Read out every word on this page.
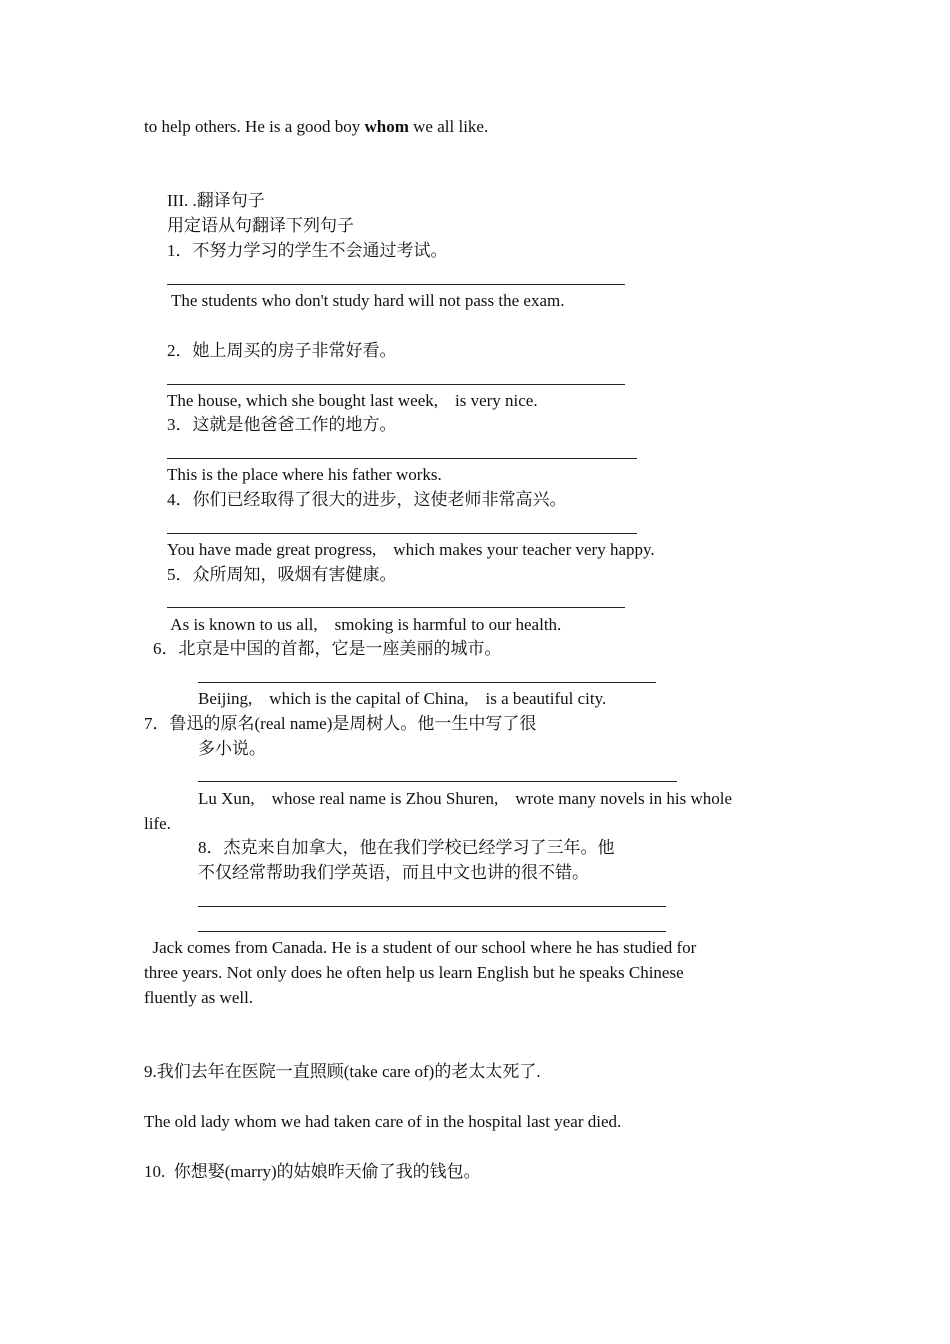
to help others. He is a good boy whom we all like.
III. .翻译句子
用定语从句翻译下列句子
1．不努力学习的学生不会通过考试。
The students who don't study hard will not pass the exam.
2．她上周买的房子非常好看。
The house, which she bought last week,    is very nice.
3．这就是他爸爸工作的地方。
This is the place where his father works.
4．你们已经取得了很大的进步，这使老师非常高兴。
You have made great progress,    which makes your teacher very happy.
5．众所周知，吸烟有害健康。
As is known to us all,    smoking is harmful to our health.
6．北京是中国的首都，它是一座美丽的城市。
Beijing,    which is the capital of China,    is a beautiful city.
7．鲁迅的原名(real name)是周树人。他一生中写了很
多小说。
Lu Xun,    whose real name is Zhou Shuren,    wrote many novels in his whole
life.
8．杰克来自加拿大，他在我们学校已经学习了三年。他
不仅经常帮助我们学英语，而且中文也讲的很不错。
Jack comes from Canada. He is a student of our school where he has studied for
three years. Not only does he often help us learn English but he speaks Chinese
fluently as well.
9.我们去年在医院一直照顾(take care of)的老太太死了.
The old lady whom we had taken care of in the hospital last year died.
10.  你想娶(marry)的姑娘昨天偷了我的钱包。
